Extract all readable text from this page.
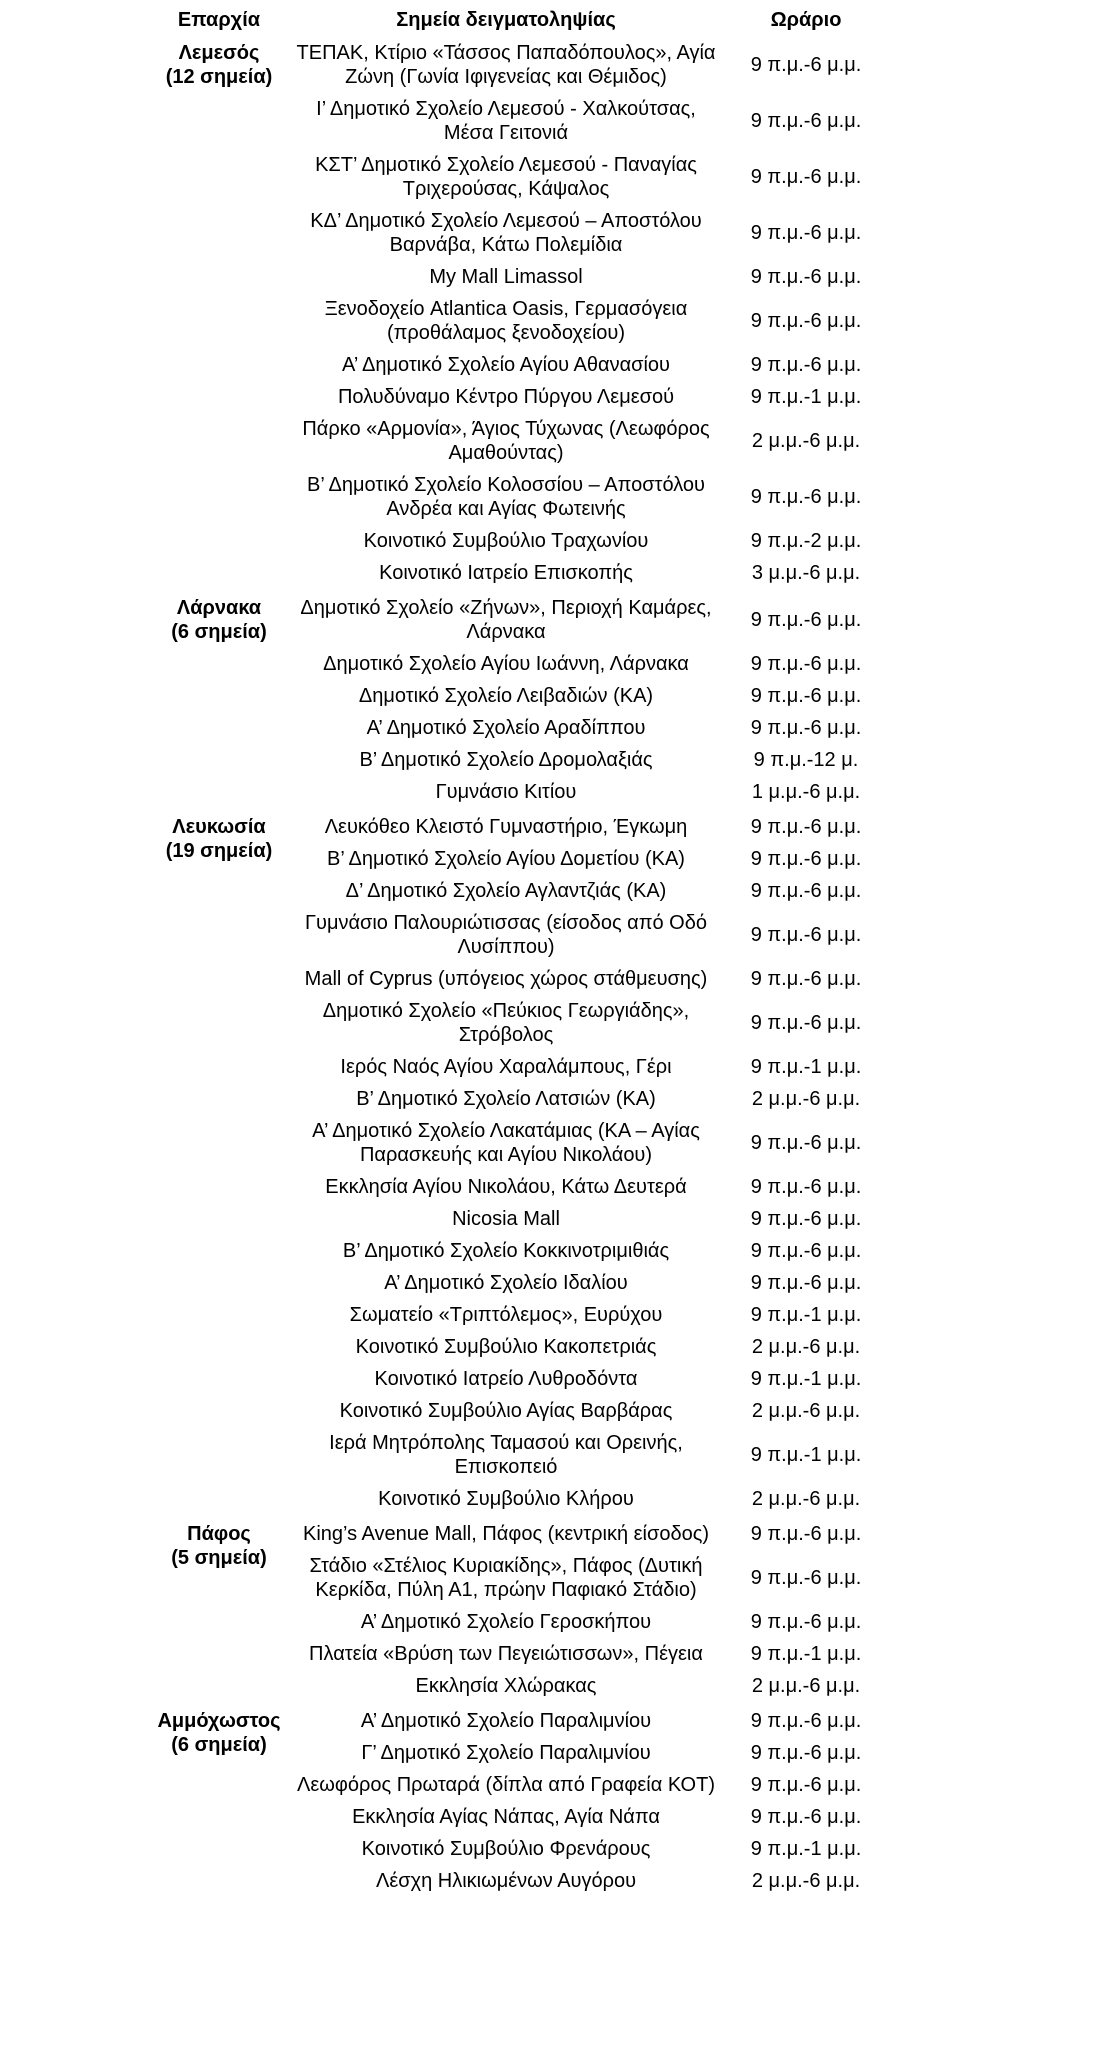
Επαρχία	Σημεία δειγματοληψίας	Ωράριο

Λεμεσός
(12 σημεία)	ΤΕΠΑΚ, Κτίριο «Τάσσος Παπαδόπουλος», Αγία Ζώνη (Γωνία Ιφιγενείας και Θέμιδος)	9 π.μ.-6 μ.μ.
	Ι’ Δημοτικό Σχολείο Λεμεσού - Χαλκούτσας, Μέσα Γειτονιά	9 π.μ.-6 μ.μ.
	ΚΣΤ’ Δημοτικό Σχολείο Λεμεσού - Παναγίας Τριχερούσας, Κάψαλος	9 π.μ.-6 μ.μ.
	ΚΔ’ Δημοτικό Σχολείο Λεμεσού – Αποστόλου Βαρνάβα, Κάτω Πολεμίδια	9 π.μ.-6 μ.μ.
	My Mall Limassol	9 π.μ.-6 μ.μ.
	Ξενοδοχείο Atlantica Oasis, Γερμασόγεια (προθάλαμος ξενοδοχείου)	9 π.μ.-6 μ.μ.
	Α’ Δημοτικό Σχολείο Αγίου Αθανασίου	9 π.μ.-6 μ.μ.
	Πολυδύναμο Κέντρο Πύργου Λεμεσού	9 π.μ.-1 μ.μ.
	Πάρκο «Αρμονία», Άγιος Τύχωνας (Λεωφόρος Αμαθούντας)	2 μ.μ.-6 μ.μ.
	Β’ Δημοτικό Σχολείο Κολοσσίου – Αποστόλου Ανδρέα και Αγίας Φωτεινής	9 π.μ.-6 μ.μ.
	Κοινοτικό Συμβούλιο Τραχωνίου	9 π.μ.-2 μ.μ.
	Κοινοτικό Ιατρείο Επισκοπής	3 μ.μ.-6 μ.μ.

Λάρνακα
(6 σημεία)	Δημοτικό Σχολείο «Ζήνων», Περιοχή Καμάρες, Λάρνακα	9 π.μ.-6 μ.μ.
	Δημοτικό Σχολείο Αγίου Ιωάννη, Λάρνακα	9 π.μ.-6 μ.μ.
	Δημοτικό Σχολείο Λειβαδιών (ΚΑ)	9 π.μ.-6 μ.μ.
	Α’ Δημοτικό Σχολείο Αραδίππου	9 π.μ.-6 μ.μ.
	Β’ Δημοτικό Σχολείο Δρομολαξιάς	9 π.μ.-12 μ.
	Γυμνάσιο Κιτίου	1 μ.μ.-6 μ.μ.

Λευκωσία
(19 σημεία)	Λευκόθεο Κλειστό Γυμναστήριο, Έγκωμη	9 π.μ.-6 μ.μ.
	Β’ Δημοτικό Σχολείο Αγίου Δομετίου (ΚΑ)	9 π.μ.-6 μ.μ.
	Δ’ Δημοτικό Σχολείο Αγλαντζιάς (ΚΑ)	9 π.μ.-6 μ.μ.
	Γυμνάσιο Παλουριώτισσας (είσοδος από Οδό Λυσίππου)	9 π.μ.-6 μ.μ.
	Mall of Cyprus (υπόγειος χώρος στάθμευσης)	9 π.μ.-6 μ.μ.
	Δημοτικό Σχολείο «Πεύκιος Γεωργιάδης», Στρόβολος	9 π.μ.-6 μ.μ.
	Ιερός Ναός Αγίου Χαραλάμπους, Γέρι	9 π.μ.-1 μ.μ.
	Β’ Δημοτικό Σχολείο Λατσιών (ΚΑ)	2 μ.μ.-6 μ.μ.
	Α’ Δημοτικό Σχολείο Λακατάμιας (ΚΑ – Αγίας Παρασκευής και Αγίου Νικολάου)	9 π.μ.-6 μ.μ.
	Εκκλησία Αγίου Νικολάου, Κάτω Δευτερά	9 π.μ.-6 μ.μ.
	Nicosia Mall	9 π.μ.-6 μ.μ.
	Β’ Δημοτικό Σχολείο Κοκκινοτριμιθιάς	9 π.μ.-6 μ.μ.
	Α’ Δημοτικό Σχολείο Ιδαλίου	9 π.μ.-6 μ.μ.
	Σωματείο «Τριπτόλεμος», Ευρύχου	9 π.μ.-1 μ.μ.
	Κοινοτικό Συμβούλιο Κακοπετριάς	2 μ.μ.-6 μ.μ.
	Κοινοτικό Ιατρείο Λυθροδόντα	9 π.μ.-1 μ.μ.
	Κοινοτικό Συμβούλιο Αγίας Βαρβάρας	2 μ.μ.-6 μ.μ.
	Ιερά Μητρόπολης Ταμασού και Ορεινής, Επισκοπειό	9 π.μ.-1 μ.μ.
	Κοινοτικό Συμβούλιο Κλήρου	2 μ.μ.-6 μ.μ.

Πάφος
(5 σημεία)	King’s Avenue Mall, Πάφος (κεντρική είσοδος)	9 π.μ.-6 μ.μ.
	Στάδιο «Στέλιος Κυριακίδης», Πάφος (Δυτική Κερκίδα, Πύλη Α1, πρώην Παφιακό Στάδιο)	9 π.μ.-6 μ.μ.
	Α’ Δημοτικό Σχολείο Γεροσκήπου	9 π.μ.-6 μ.μ.
	Πλατεία «Βρύση των Πεγειώτισσων», Πέγεια	9 π.μ.-1 μ.μ.
	Εκκλησία Χλώρακας	2 μ.μ.-6 μ.μ.

Αμμόχωστος
(6 σημεία)	Α’ Δημοτικό Σχολείο Παραλιμνίου	9 π.μ.-6 μ.μ.
	Γ’ Δημοτικό Σχολείο Παραλιμνίου	9 π.μ.-6 μ.μ.
	Λεωφόρος Πρωταρά (δίπλα από Γραφεία ΚΟΤ)	9 π.μ.-6 μ.μ.
	Εκκλησία Αγίας Νάπας, Αγία Νάπα	9 π.μ.-6 μ.μ.
	Κοινοτικό Συμβούλιο Φρενάρους	9 π.μ.-1 μ.μ.
	Λέσχη Ηλικιωμένων Αυγόρου	2 μ.μ.-6 μ.μ.
